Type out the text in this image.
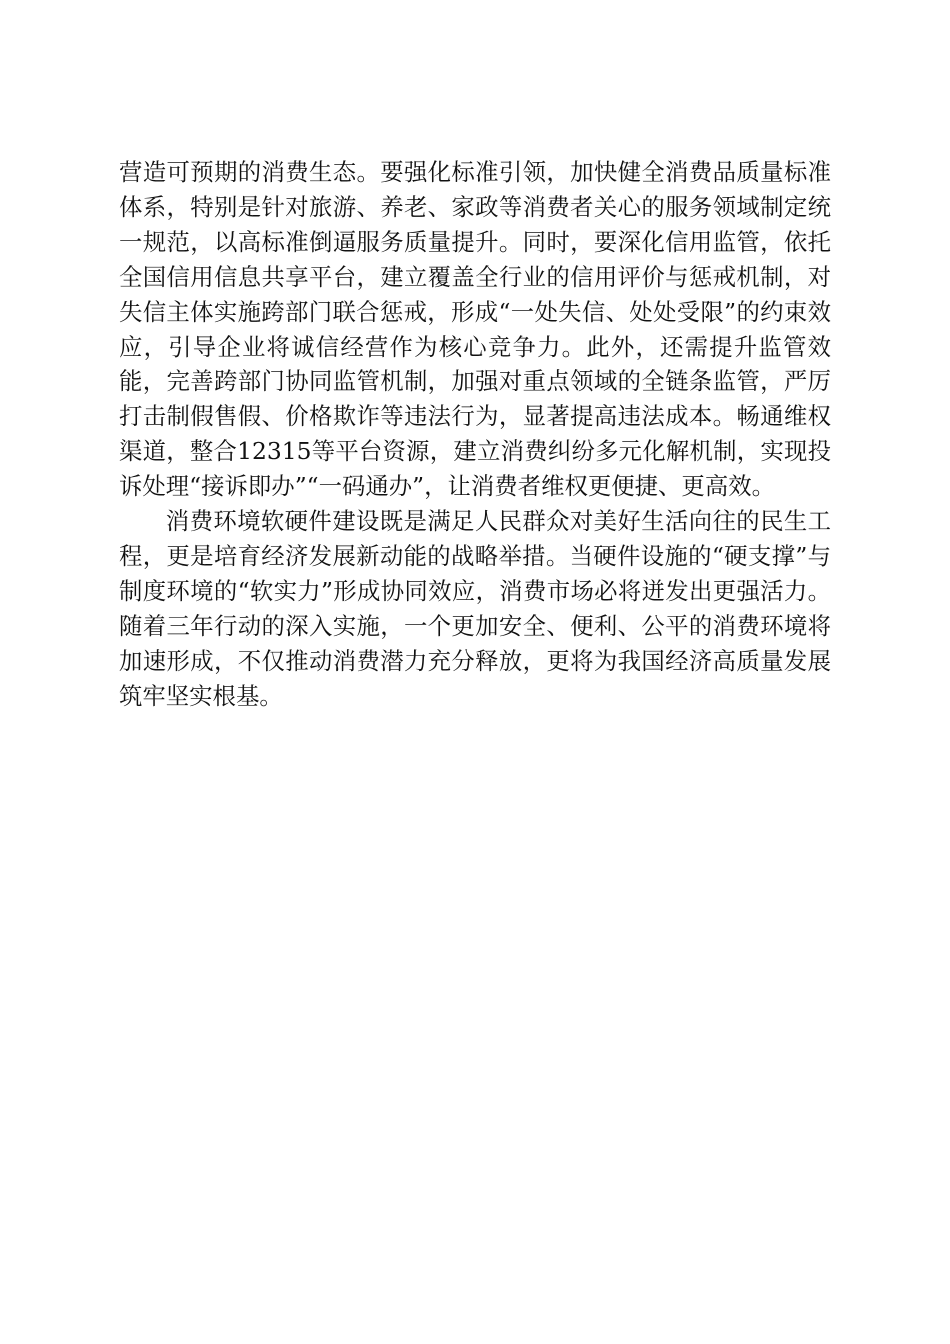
营造可预期的消费生态。要强化标准引领，加快健全消费品质量标准体系，特别是针对旅游、养老、家政等消费者关心的服务领域制定统一规范，以高标准倒逼服务质量提升。同时，要深化信用监管，依托全国信用信息共享平台，建立覆盖全行业的信用评价与惩戒机制，对失信主体实施跨部门联合惩戒，形成“一处失信、处处受限”的约束效应，引导企业将诚信经营作为核心竞争力。此外，还需提升监管效能，完善跨部门协同监管机制，加强对重点领域的全链条监管，严厉打击制假售假、价格欺诈等违法行为，显著提高违法成本。畅通维权渠道，整合12315等平台资源，建立消费纠纷多元化解机制，实现投诉处理“接诉即办”“一码通办”，让消费者维权更便捷、更高效。

消费环境软硬件建设既是满足人民群众对美好生活向往的民生工程，更是培育经济发展新动能的战略举措。当硬件设施的“硬支撑”与制度环境的“软实力”形成协同效应，消费市场必将迸发出更强活力。随着三年行动的深入实施，一个更加安全、便利、公平的消费环境将加速形成，不仅推动消费潜力充分释放，更将为我国经济高质量发展筑牢坚实根基。
